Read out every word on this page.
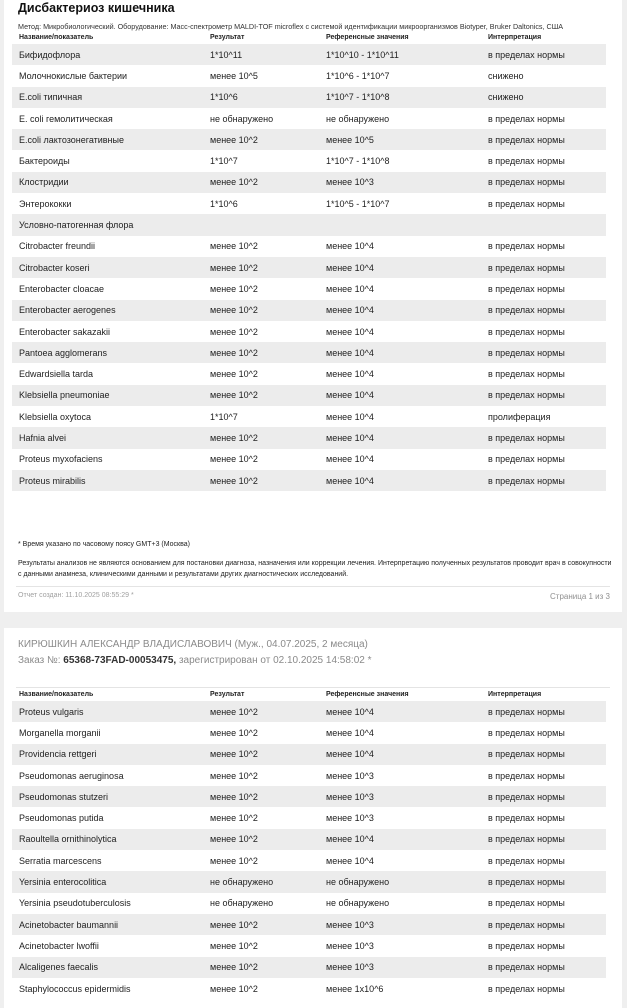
Дисбактериоз кишечника
Метод: Микробиологический. Оборудование: Масс-спектрометр MALDI-TOF microflex с системой идентификации микроорганизмов Biotyper, Bruker Daltonics, США
* Время указано по часовому поясу GMT+3 (Москва)
Результаты анализов не являются основанием для постановки диагноза, назначения или коррекции лечения. Интерпретацию полученных результатов проводит врач в совокупности с данными анамнеза, клиническими данными и результатами других диагностических исследований.
Отчет создан: 11.10.2025 08:55:29 *	Страница 1 из 3
Название/показатель	Результат	Референсные значения	Интерпретация
Бифидофлора	1*10^11	1*10^10 - 1*10^11	в пределах нормы
Молочнокислые бактерии	менее 10^5	1*10^6 - 1*10^7	снижено
E.coli типичная	1*10^6	1*10^7 - 1*10^8	снижено
E. coli гемолитическая	не обнаружено	не обнаружено	в пределах нормы
E.coli лактозонегативные	менее 10^2	менее 10^5	в пределах нормы
Бактероиды	1*10^7	1*10^7 - 1*10^8	в пределах нормы
Клостридии	менее 10^2	менее 10^3	в пределах нормы
Энтерококки	1*10^6	1*10^5 - 1*10^7	в пределах нормы
Условно-патогенная флора			
Citrobacter freundii	менее 10^2	менее 10^4	в пределах нормы
Citrobacter koseri	менее 10^2	менее 10^4	в пределах нормы
Enterobacter cloacae	менее 10^2	менее 10^4	в пределах нормы
Enterobacter aerogenes	менее 10^2	менее 10^4	в пределах нормы
Enterobacter sakazakii	менее 10^2	менее 10^4	в пределах нормы
Pantoea agglomerans	менее 10^2	менее 10^4	в пределах нормы
Edwardsiella tarda	менее 10^2	менее 10^4	в пределах нормы
Klebsiella pneumoniae	менее 10^2	менее 10^4	в пределах нормы
Klebsiella oxytoca	1*10^7	менее 10^4	пролиферация
Hafnia alvei	менее 10^2	менее 10^4	в пределах нормы
Proteus myxofaciens	менее 10^2	менее 10^4	в пределах нормы
Proteus mirabilis	менее 10^2	менее 10^4	в пределах нормы
КИРЮШКИН АЛЕКСАНДР ВЛАДИСЛАВОВИЧ (Муж., 04.07.2025, 2 месяца)
Заказ №: 65368-73FAD-00053475, зарегистрирован от 02.10.2025 14:58:02 *
Название/показатель	Результат	Референсные значения	Интерпретация
Proteus vulgaris	менее 10^2	менее 10^4	в пределах нормы
Morganella morganii	менее 10^2	менее 10^4	в пределах нормы
Providencia rettgeri	менее 10^2	менее 10^4	в пределах нормы
Pseudomonas aeruginosa	менее 10^2	менее 10^3	в пределах нормы
Pseudomonas stutzeri	менее 10^2	менее 10^3	в пределах нормы
Pseudomonas putida	менее 10^2	менее 10^3	в пределах нормы
Raoultella ornithinolytica	менее 10^2	менее 10^4	в пределах нормы
Serratia marcescens	менее 10^2	менее 10^4	в пределах нормы
Yersinia enterocolitica	не обнаружено	не обнаружено	в пределах нормы
Yersinia pseudotuberculosis	не обнаружено	не обнаружено	в пределах нормы
Acinetobacter baumannii	менее 10^2	менее 10^3	в пределах нормы
Acinetobacter lwoffii	менее 10^2	менее 10^3	в пределах нормы
Alcaligenes faecalis	менее 10^2	менее 10^3	в пределах нормы
Staphylococcus epidermidis	менее 10^2	менее 1x10^6	в пределах нормы
